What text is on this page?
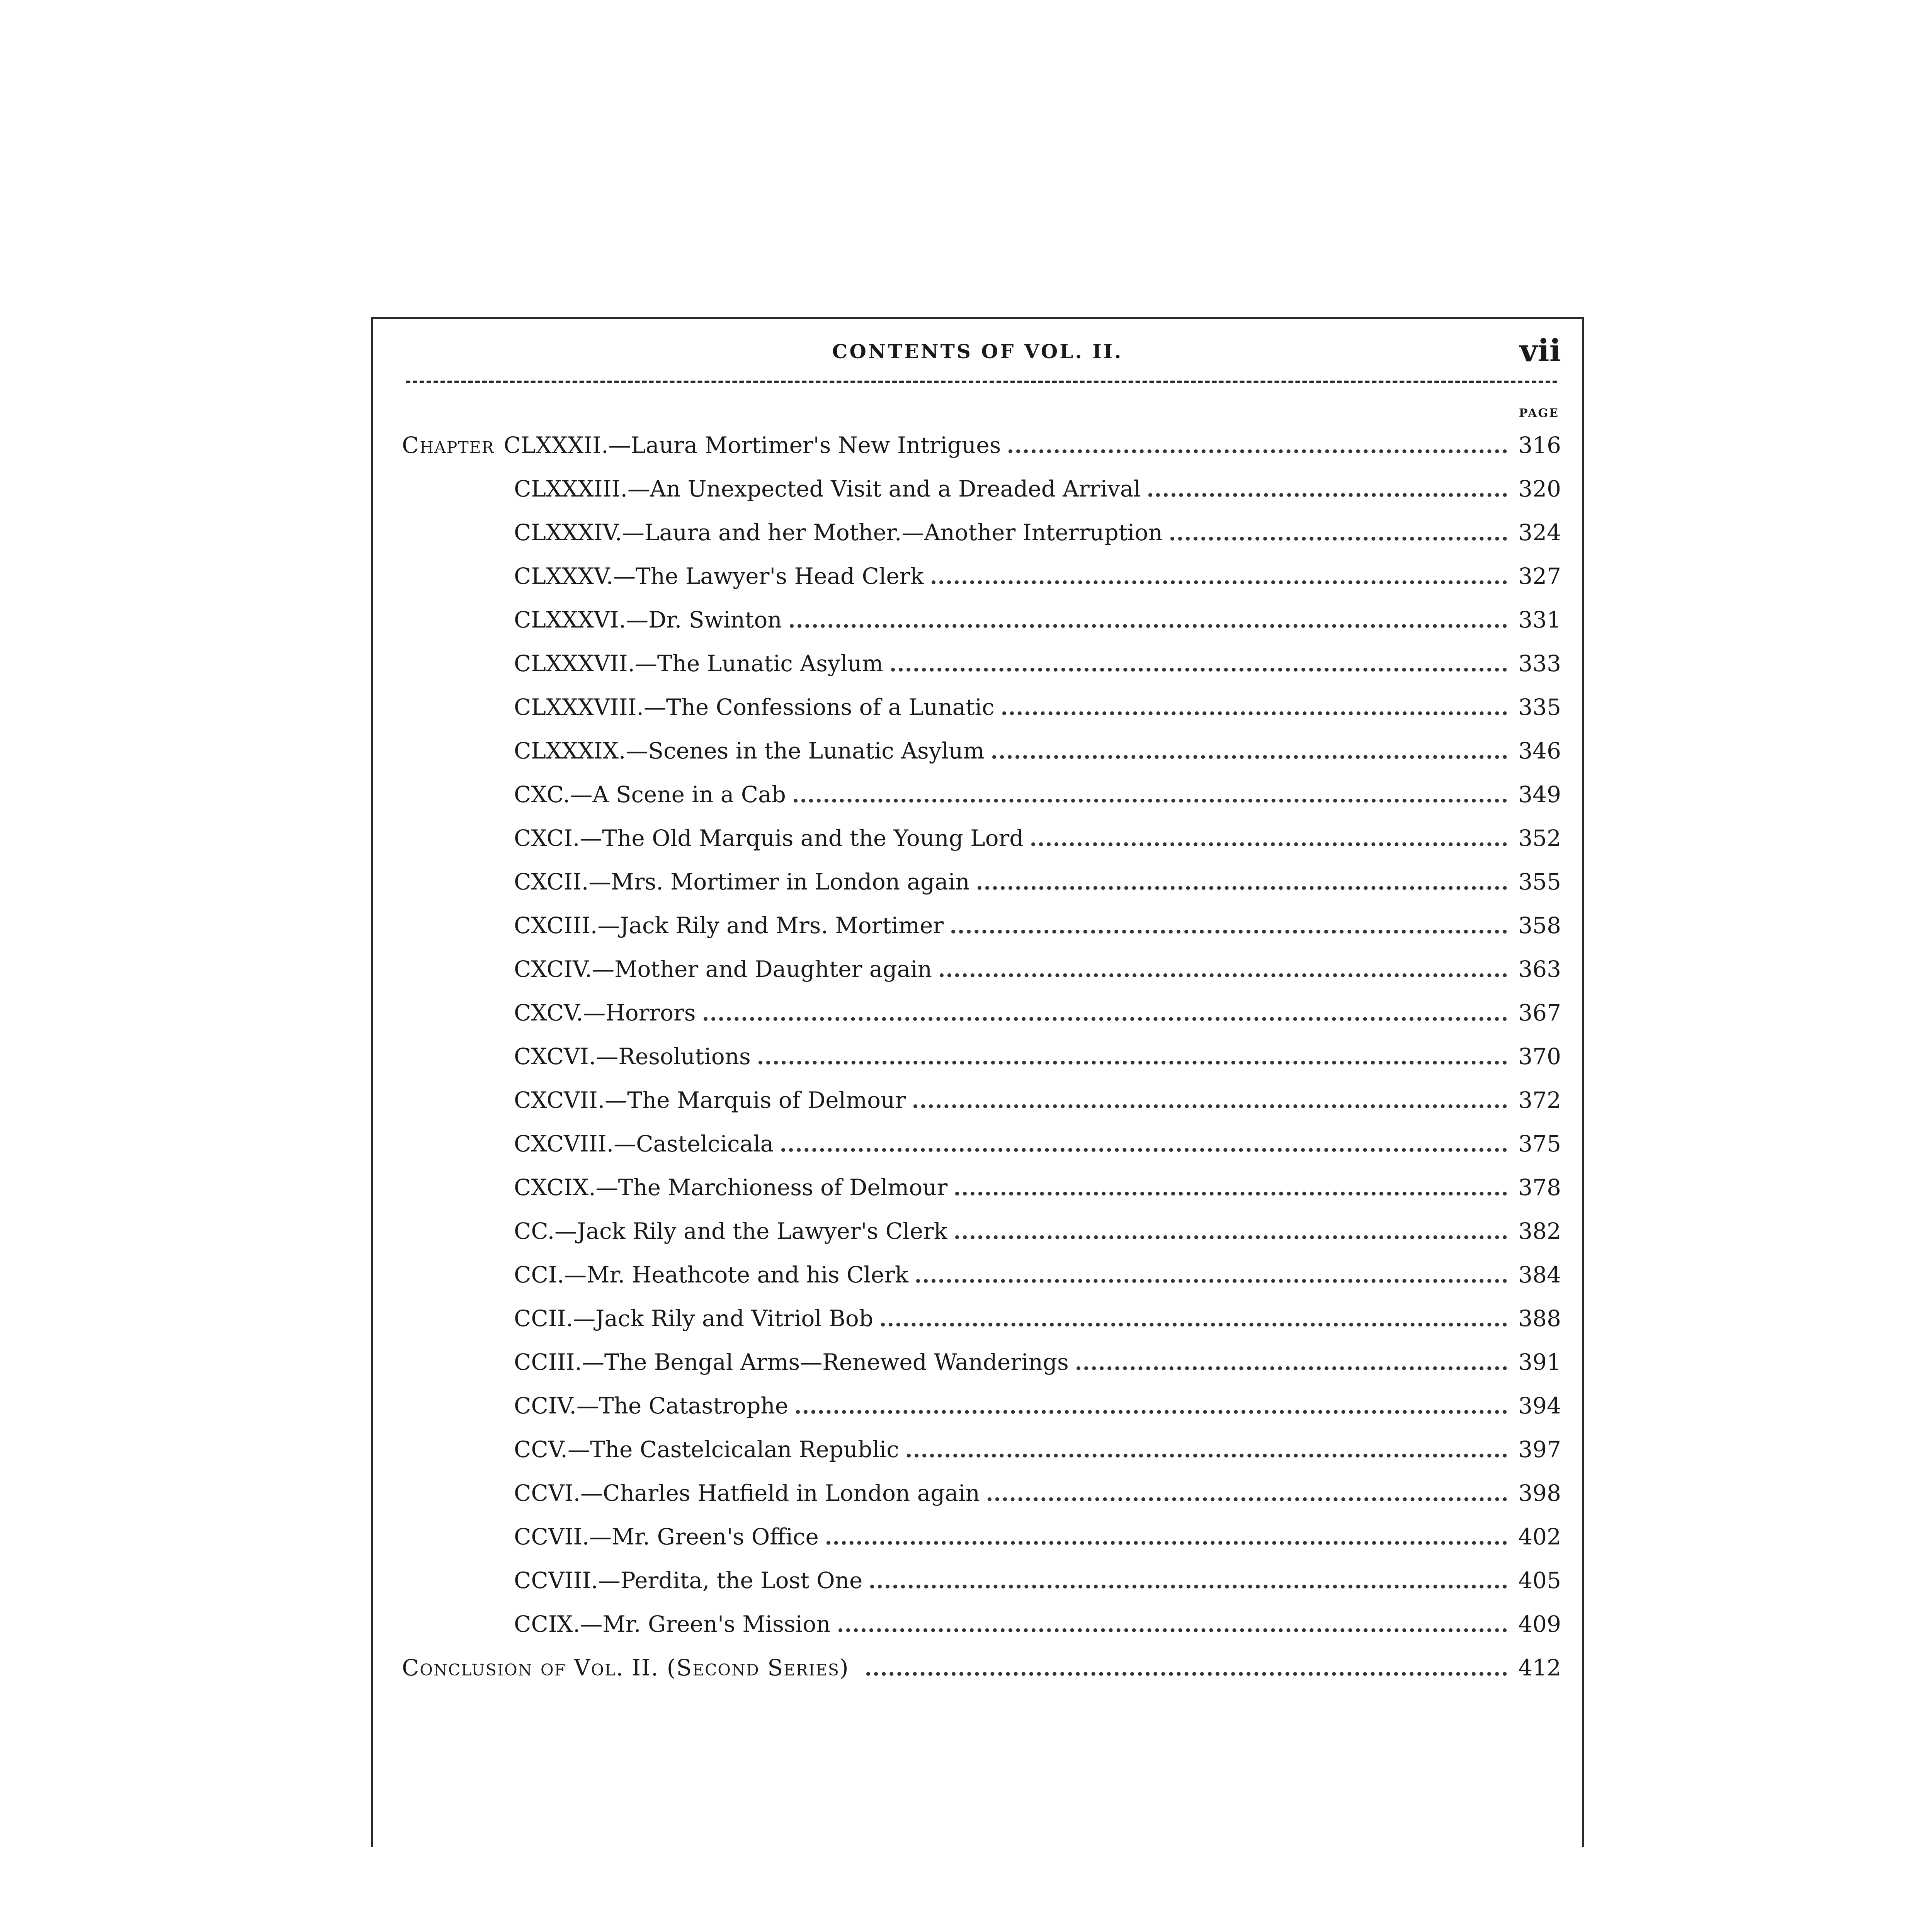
CONTENTS OF VOL. II.	vii
PAGE
Chapter CLXXXII.—Laura Mortimer's New Intrigues	316
CLXXXIII.—An Unexpected Visit and a Dreaded Arrival	320
CLXXXIV.—Laura and her Mother.—Another Interruption	324
CLXXXV.—The Lawyer's Head Clerk	327
CLXXXVI.—Dr. Swinton	331
CLXXXVII.—The Lunatic Asylum	333
CLXXXVIII.—The Confessions of a Lunatic	335
CLXXXIX.—Scenes in the Lunatic Asylum	346
CXC.—A Scene in a Cab	349
CXCI.—The Old Marquis and the Young Lord	352
CXCII.—Mrs. Mortimer in London again	355
CXCIII.—Jack Rily and Mrs. Mortimer	358
CXCIV.—Mother and Daughter again	363
CXCV.—Horrors	367
CXCVI.—Resolutions	370
CXCVII.—The Marquis of Delmour	372
CXCVIII.—Castelcicala	375
CXCIX.—The Marchioness of Delmour	378
CC.—Jack Rily and the Lawyer's Clerk	382
CCI.—Mr. Heathcote and his Clerk	384
CCII.—Jack Rily and Vitriol Bob	388
CCIII.—The Bengal Arms—Renewed Wanderings	391
CCIV.—The Catastrophe	394
CCV.—The Castelcicalan Republic	397
CCVI.—Charles Hatfield in London again	398
CCVII.—Mr. Green's Office	402
CCVIII.—Perdita, the Lost One	405
CCIX.—Mr. Green's Mission	409
Conclusion of Vol. II. (Second Series)	412
